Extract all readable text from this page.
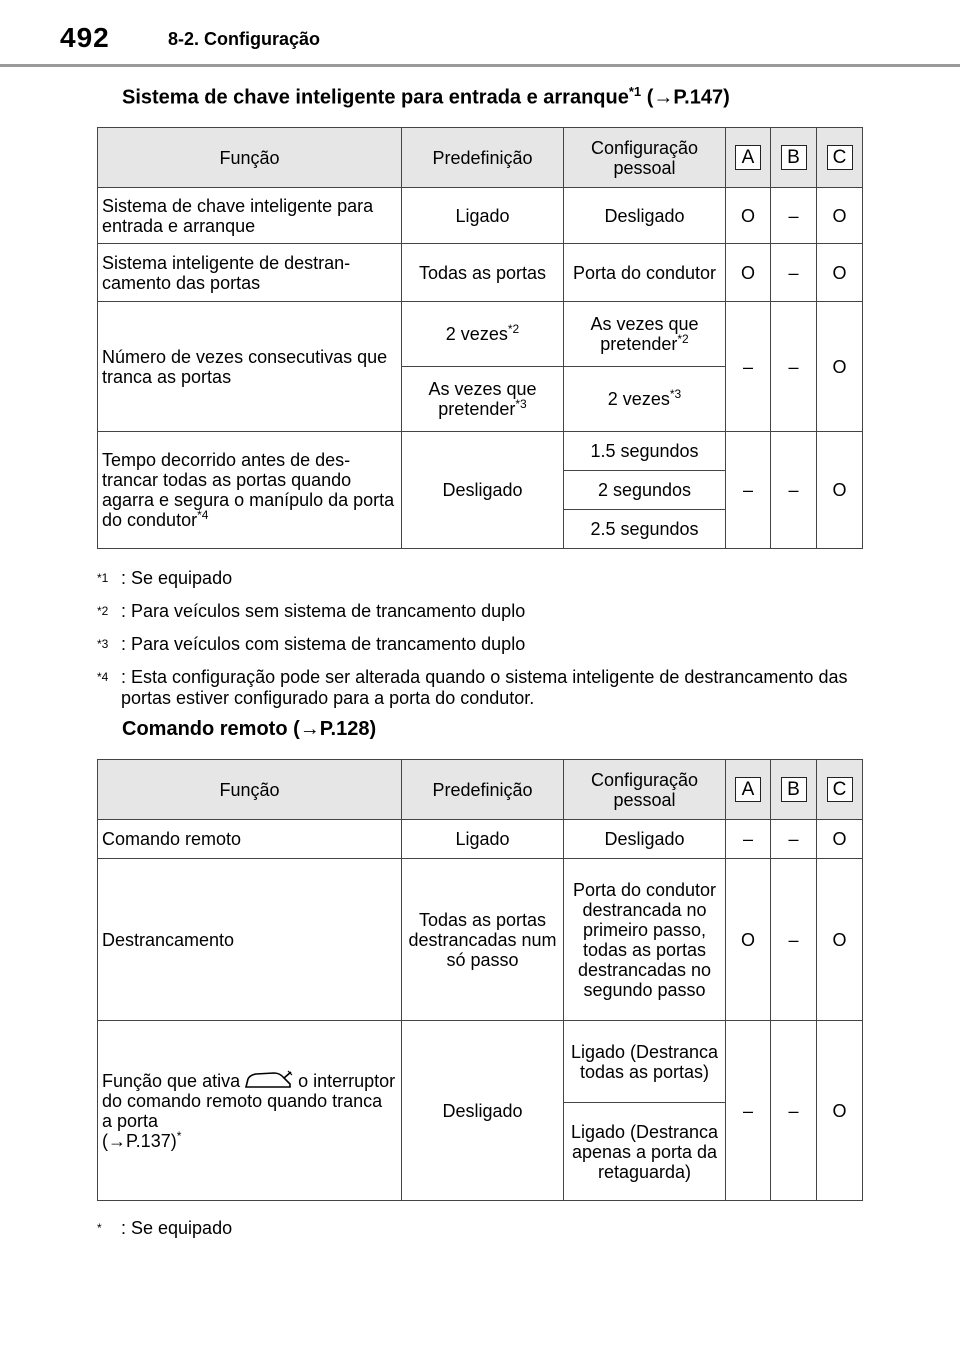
492	8-2. Configuração
Sistema de chave inteligente para entrada e arranque$^{*1}$ (→P.147)
Função	Predefinição	Configuração pessoal	A	B	C
Sistema de chave inteligente para entrada e arranque	Ligado	Desligado	O	–	O
Sistema inteligente de destrancamento das portas	Todas as portas	Porta do condutor	O	–	O
Número de vezes consecutivas que tranca as portas	2 vezes$^{*2}$	As vezes que pretender$^{*2}$	–	–	O
	As vezes que pretender$^{*3}$	2 vezes$^{*3}$
Tempo decorrido antes de destrancar todas as portas quando agarra e segura o manípulo da porta do condutor$^{*4}$	Desligado	1.5 segundos	–	–	O
		2 segundos			
		2.5 segundos			
*1 : Se equipado
*2 : Para veículos sem sistema de trancamento duplo
*3 : Para veículos com sistema de trancamento duplo
*4 : Esta configuração pode ser alterada quando o sistema inteligente de destrancamento das portas estiver configurado para a porta do condutor.
Comando remoto (→P.128)
Função	Predefinição	Configuração pessoal	A	B	C
Comando remoto	Ligado	Desligado	–	–	O
Destrancamento	Todas as portas destrancadas num só passo	Porta do condutor destrancada no primeiro passo, todas as portas destrancadas no segundo passo	O	–	O
Função que ativa o interruptor do comando remoto quando tranca a porta
(→P.137)*	Desligado	Ligado (Destranca todas as portas)	–	–	O
		Ligado (Destranca apenas a porta da retaguarda)			
* : Se equipado
